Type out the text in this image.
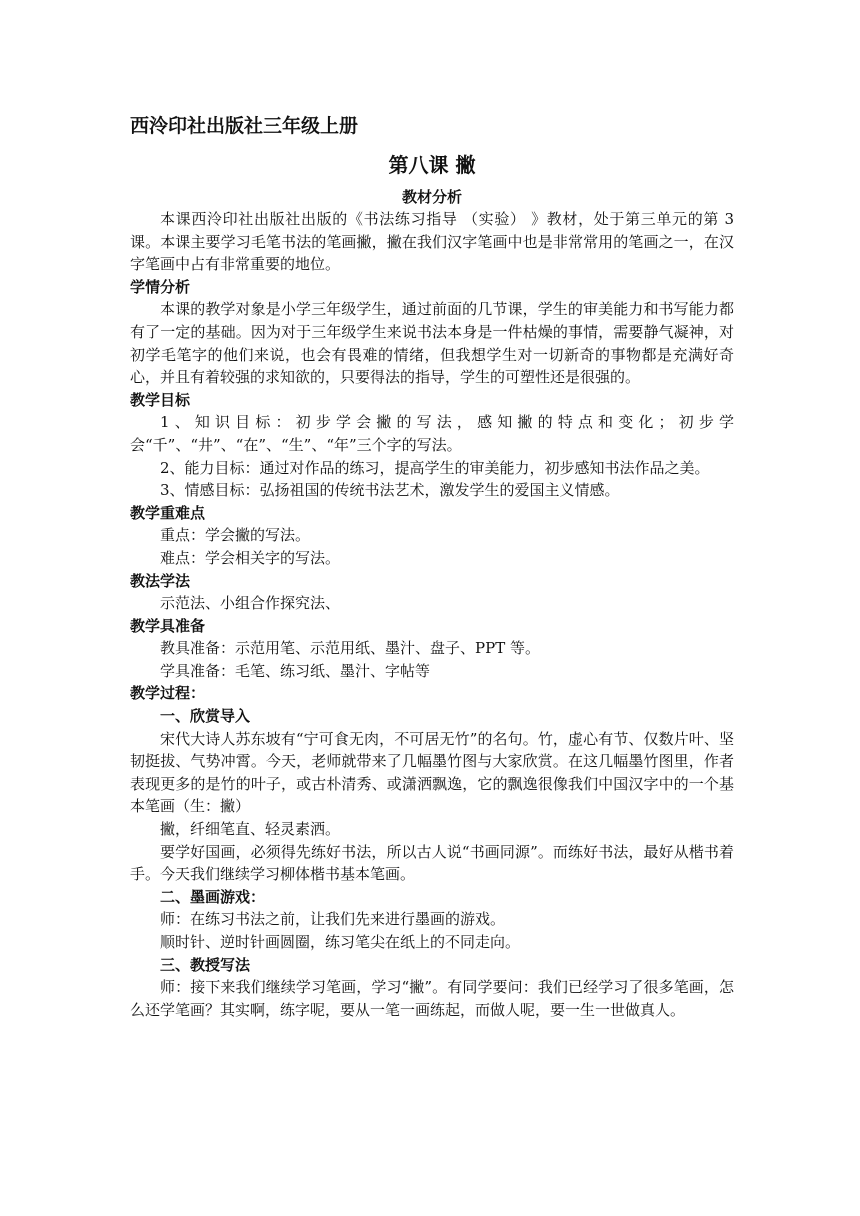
西泠印社出版社三年级上册
第八课 撇
教材分析

本课西泠印社出版社出版的《书法练习指导 （实验） 》教材，处于第三单元的第 3 课。本课主要学习毛笔书法的笔画撇，撇在我们汉字笔画中也是非常常用的笔画之一，在汉字笔画中占有非常重要的地位。

学情分析

本课的教学对象是小学三年级学生，通过前面的几节课，学生的审美能力和书写能力都有了一定的基础。因为对于三年级学生来说书法本身是一件枯燥的事情，需要静气凝神，对初学毛笔字的他们来说，也会有畏难的情绪，但我想学生对一切新奇的事物都是充满好奇心，并且有着较强的求知欲的，只要得法的指导，学生的可塑性还是很强的。

教学目标

1、知识目标：初步学会撇的写法，感知撇的特点和变化；初步学会“千”、“井”、“在”、“生”、“年”三个字的写法。

2、能力目标：通过对作品的练习，提高学生的审美能力，初步感知书法作品之美。

3、情感目标：弘扬祖国的传统书法艺术，激发学生的爱国主义情感。

教学重难点

重点：学会撇的写法。

难点：学会相关字的写法。

教法学法

示范法、小组合作探究法、

教学具准备

教具准备：示范用笔、示范用纸、墨汁、盘子、PPT 等。

学具准备：毛笔、练习纸、墨汁、字帖等

教学过程：
一、欣赏导入

宋代大诗人苏东坡有“宁可食无肉，不可居无竹”的名句。竹，虚心有节、仅数片叶、坚韧挺拔、气势冲霄。今天，老师就带来了几幅墨竹图与大家欣赏。在这几幅墨竹图里，作者表现更多的是竹的叶子，或古朴清秀、或潇洒飘逸，它的飘逸很像我们中国汉字中的一个基本笔画（生：撇）

撇，纤细笔直、轻灵素洒。

要学好国画，必须得先练好书法，所以古人说“书画同源”。而练好书法，最好从楷书着手。今天我们继续学习柳体楷书基本笔画。

二、墨画游戏：

师：在练习书法之前，让我们先来进行墨画的游戏。

顺时针、逆时针画圆圈，练习笔尖在纸上的不同走向。

三、教授写法

师：接下来我们继续学习笔画，学习“撇”。有同学要问：我们已经学习了很多笔画，怎么还学笔画？其实啊，练字呢，要从一笔一画练起，而做人呢，要一生一世做真人。
